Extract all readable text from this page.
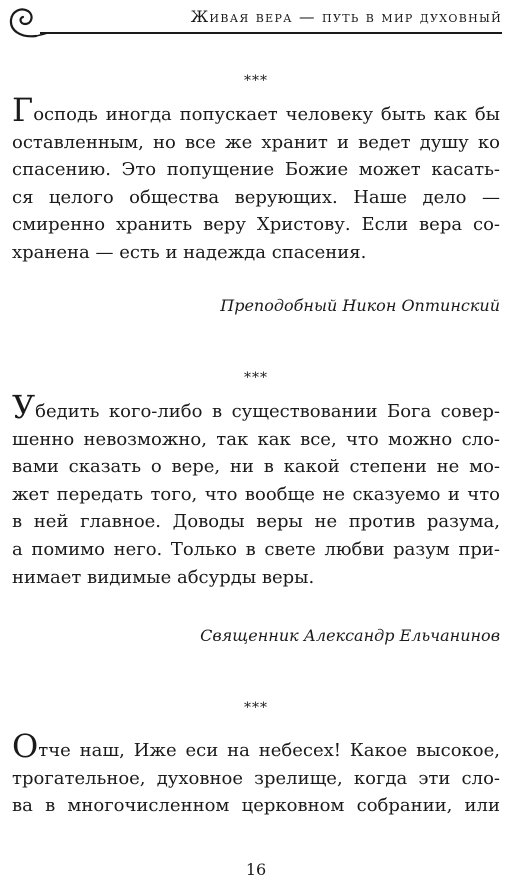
Живая вера — путь в мир духовный
***
Господь иногда попускает человеку быть как бы
оставленным, но все же хранит и ведет душу ко
спасению. Это попущение Божие может касать-
ся целого общества верующих. Наше дело —
смиренно хранить веру Христову. Если вера со-
хранена — есть и надежда спасения.
Преподобный Никон Оптинский
***
Убедить кого-либо в существовании Бога совер-
шенно невозможно, так как все, что можно сло-
вами сказать о вере, ни в какой степени не мо-
жет передать того, что вообще не сказуемо и что
в ней главное. Доводы веры не против разума,
а помимо него. Только в свете любви разум при-
нимает видимые абсурды веры.
Священник Александр Ельчанинов
***
Отче наш, Иже еси на небесех! Какое высокое,
трогательное, духовное зрелище, когда эти сло-
ва в многочисленном церковном собрании, или
16
